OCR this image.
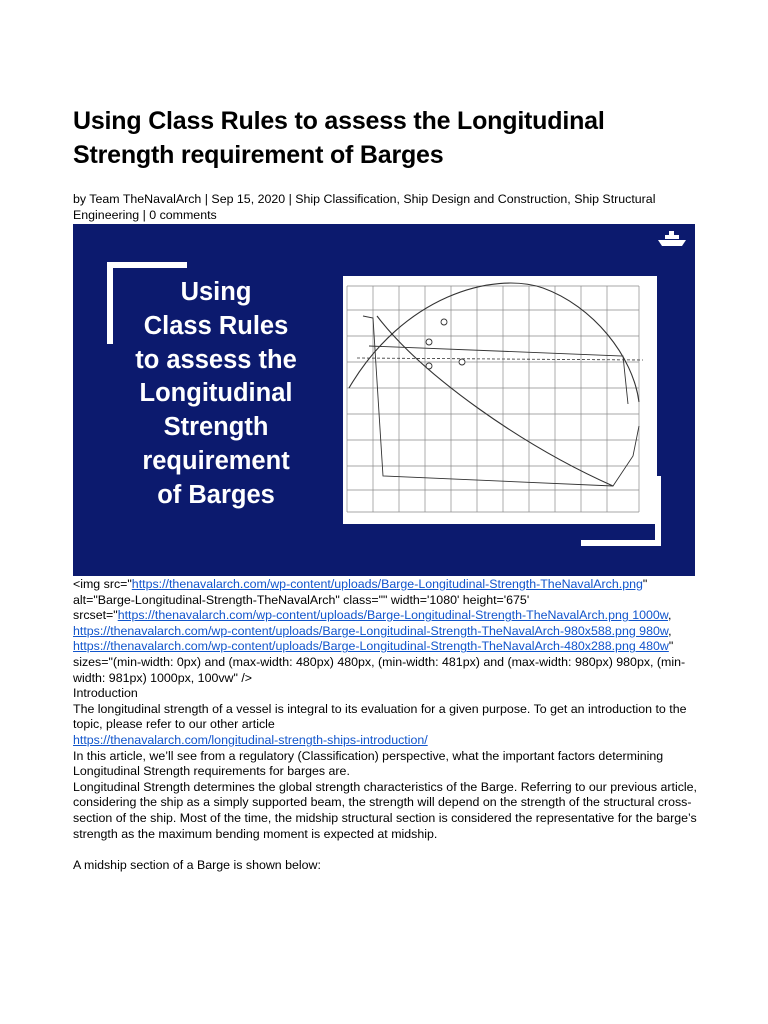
Using Class Rules to assess the Longitudinal Strength requirement of Barges
by Team TheNavalArch | Sep 15, 2020 | Ship Classification, Ship Design and Construction, Ship Structural Engineering | 0 comments
Using
Class Rules
to assess the
Longitudinal
Strength
requirement
of Barges

<img src="https://thenavalarch.com/wp-content/uploads/Barge-Longitudinal-Strength-TheNavalArch.png" alt="Barge-Longitudinal-Strength-TheNavalArch" class="" width='1080' height='675' srcset="https://thenavalarch.com/wp-content/uploads/Barge-Longitudinal-Strength-TheNavalArch.png 1000w, https://thenavalarch.com/wp-content/uploads/Barge-Longitudinal-Strength-TheNavalArch-980x588.png 980w, https://thenavalarch.com/wp-content/uploads/Barge-Longitudinal-Strength-TheNavalArch-480x288.png 480w" sizes="(min-width: 0px) and (max-width: 480px) 480px, (min-width: 481px) and (max-width: 980px) 980px, (min-width: 981px) 1000px, 100vw" />

Introduction

The longitudinal strength of a vessel is integral to its evaluation for a given purpose. To get an introduction to the topic, please refer to our other article

https://thenavalarch.com/longitudinal-strength-ships-introduction/

In this article, we’ll see from a regulatory (Classification) perspective, what the important factors determining Longitudinal Strength requirements for barges are.

Longitudinal Strength determines the global strength characteristics of the Barge. Referring to our previous article, considering the ship as a simply supported beam, the strength will depend on the strength of the structural cross-section of the ship. Most of the time, the midship structural section is considered the representative for the barge’s strength as the maximum bending moment is expected at midship.

A midship section of a Barge is shown below:
